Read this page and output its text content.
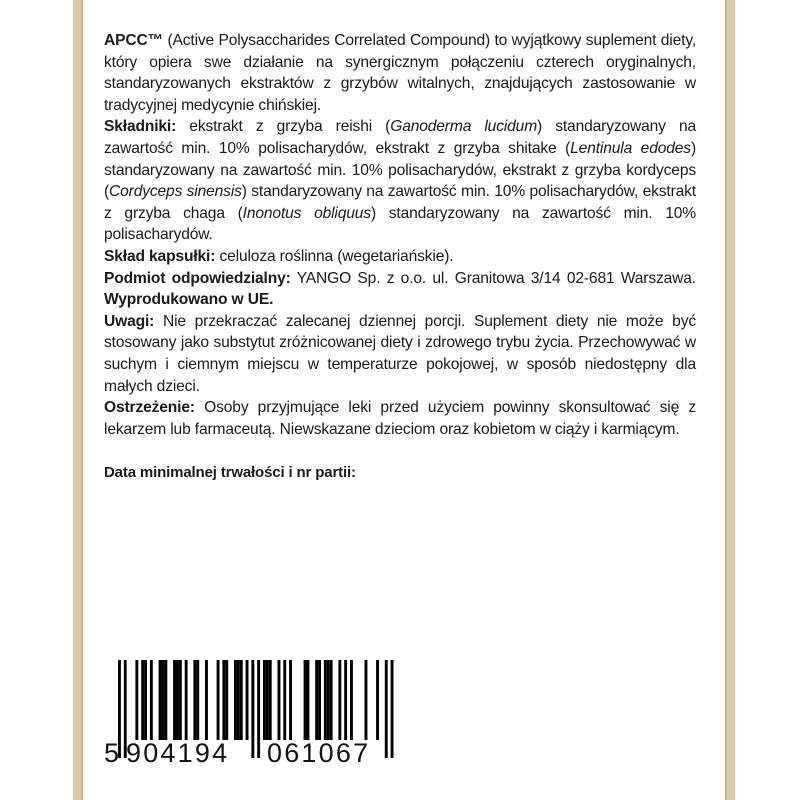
APCC™ (Active Polysaccharides Correlated Compound) to wyjątkowy suplement diety, który opiera swe działanie na synergicznym połączeniu czterech oryginalnych, standaryzowanych ekstraktów z grzybów witalnych, znajdujących zastosowanie w tradycyjnej medycynie chińskiej.

Składniki: ekstrakt z grzyba reishi (Ganoderma lucidum) standaryzowany na zawartość min. 10% polisacharydów, ekstrakt z grzyba shitake (Lentinula edodes) standaryzowany na zawartość min. 10% polisacharydów, ekstrakt z grzyba kordyceps (Cordyceps sinensis) standaryzowany na zawartość min. 10% polisacharydów, ekstrakt z grzyba chaga (Inonotus obliquus) standaryzowany na zawartość min. 10% polisacharydów.

Skład kapsułki: celuloza roślinna (wegetariańskie).

Podmiot odpowiedzialny: YANGO Sp. z o.o. ul. Granitowa 3/14 02-681 Warszawa. Wyprodukowano w UE.

Uwagi: Nie przekraczać zalecanej dziennej porcji. Suplement diety nie może być stosowany jako substytut zróżnicowanej diety i zdrowego trybu życia. Przechowywać w suchym i ciemnym miejscu w temperaturze pokojowej, w sposób niedostępny dla małych dzieci.

Ostrzeżenie: Osoby przyjmujące leki przed użyciem powinny skonsultować się z lekarzem lub farmaceutą. Niewskazane dzieciom oraz kobietom w ciąży i karmiącym.

Data minimalnej trwałości i nr partii:

5 904194 061067
